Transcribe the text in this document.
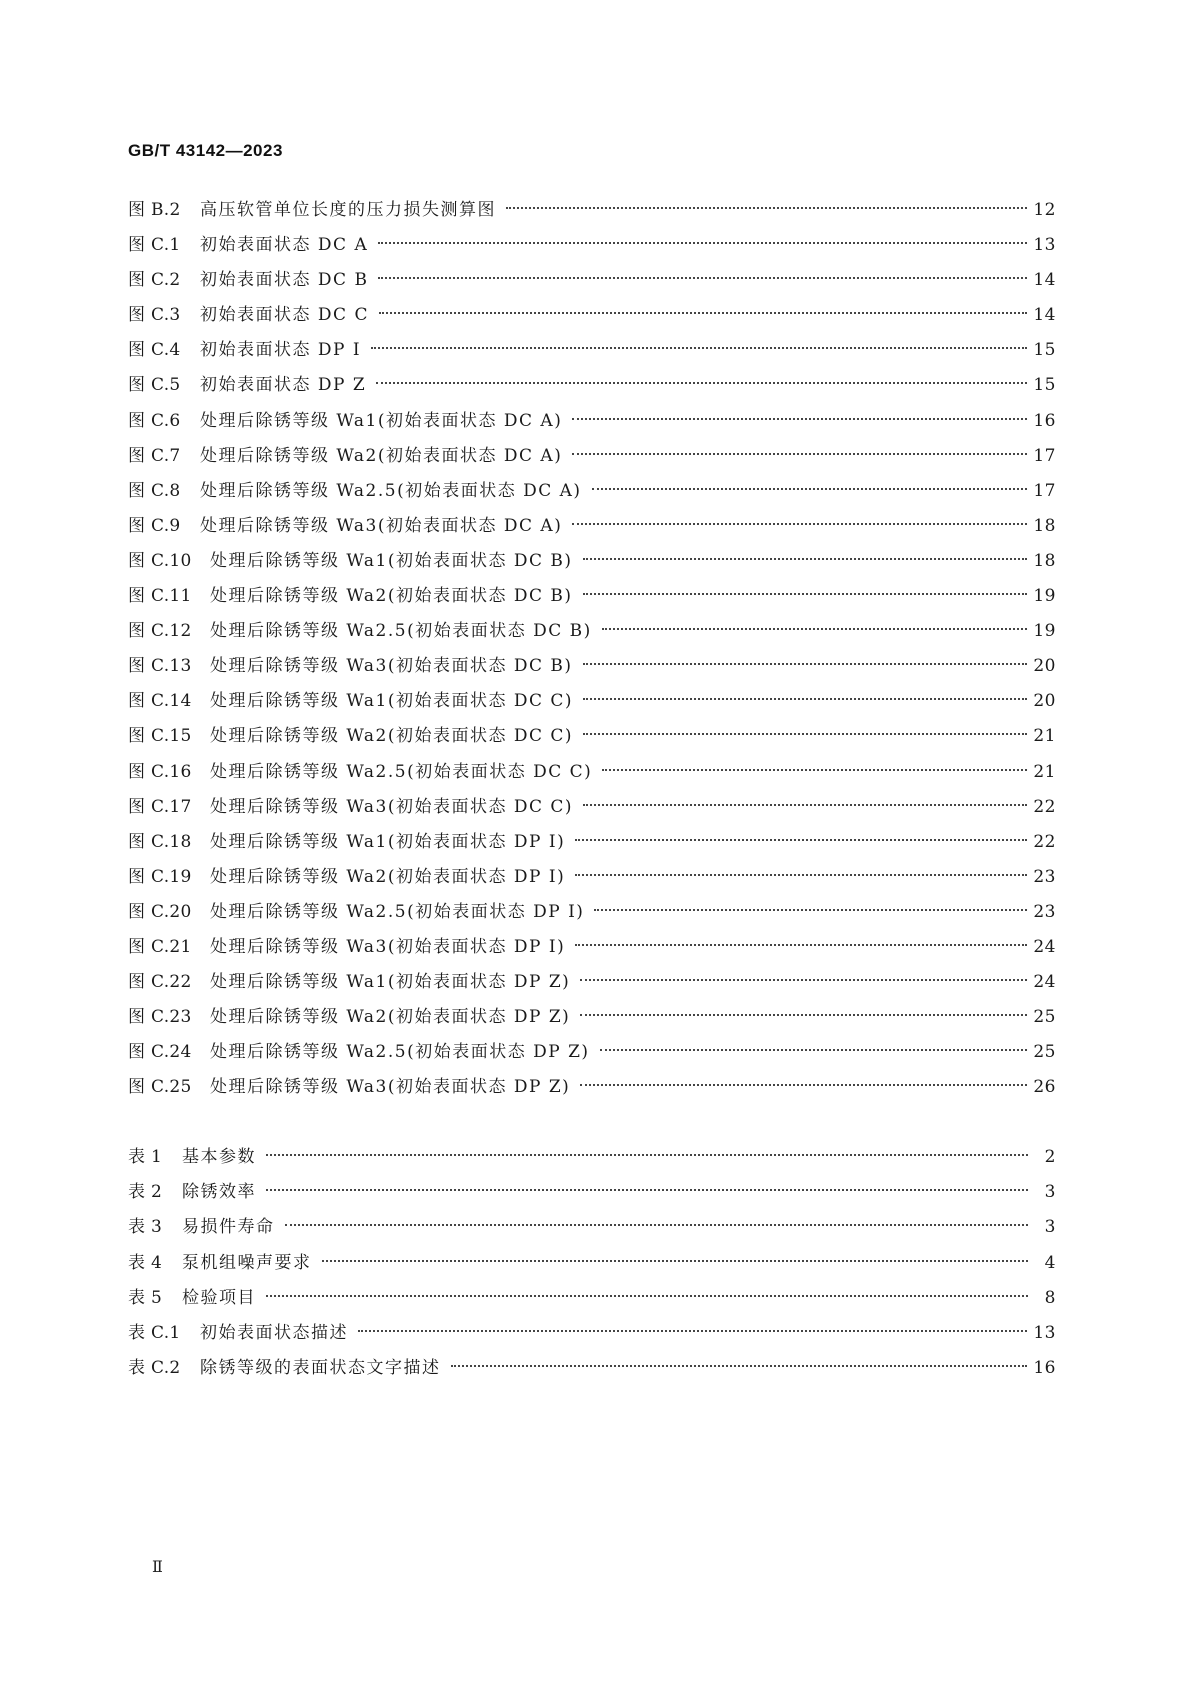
GB/T 43142—2023
图 B.2	高压软管单位长度的压力损失测算图	12
图 C.1	初始表面状态 DC A	13
图 C.2	初始表面状态 DC B	14
图 C.3	初始表面状态 DC C	14
图 C.4	初始表面状态 DP I	15
图 C.5	初始表面状态 DP Z	15
图 C.6	处理后除锈等级 Wa1(初始表面状态 DC A)	16
图 C.7	处理后除锈等级 Wa2(初始表面状态 DC A)	17
图 C.8	处理后除锈等级 Wa2.5(初始表面状态 DC A)	17
图 C.9	处理后除锈等级 Wa3(初始表面状态 DC A)	18
图 C.10	处理后除锈等级 Wa1(初始表面状态 DC B)	18
图 C.11	处理后除锈等级 Wa2(初始表面状态 DC B)	19
图 C.12	处理后除锈等级 Wa2.5(初始表面状态 DC B)	19
图 C.13	处理后除锈等级 Wa3(初始表面状态 DC B)	20
图 C.14	处理后除锈等级 Wa1(初始表面状态 DC C)	20
图 C.15	处理后除锈等级 Wa2(初始表面状态 DC C)	21
图 C.16	处理后除锈等级 Wa2.5(初始表面状态 DC C)	21
图 C.17	处理后除锈等级 Wa3(初始表面状态 DC C)	22
图 C.18	处理后除锈等级 Wa1(初始表面状态 DP I)	22
图 C.19	处理后除锈等级 Wa2(初始表面状态 DP I)	23
图 C.20	处理后除锈等级 Wa2.5(初始表面状态 DP I)	23
图 C.21	处理后除锈等级 Wa3(初始表面状态 DP I)	24
图 C.22	处理后除锈等级 Wa1(初始表面状态 DP Z)	24
图 C.23	处理后除锈等级 Wa2(初始表面状态 DP Z)	25
图 C.24	处理后除锈等级 Wa2.5(初始表面状态 DP Z)	25
图 C.25	处理后除锈等级 Wa3(初始表面状态 DP Z)	26
表 1	基本参数	2
表 2	除锈效率	3
表 3	易损件寿命	3
表 4	泵机组噪声要求	4
表 5	检验项目	8
表 C.1	初始表面状态描述	13
表 C.2	除锈等级的表面状态文字描述	16
Ⅱ
